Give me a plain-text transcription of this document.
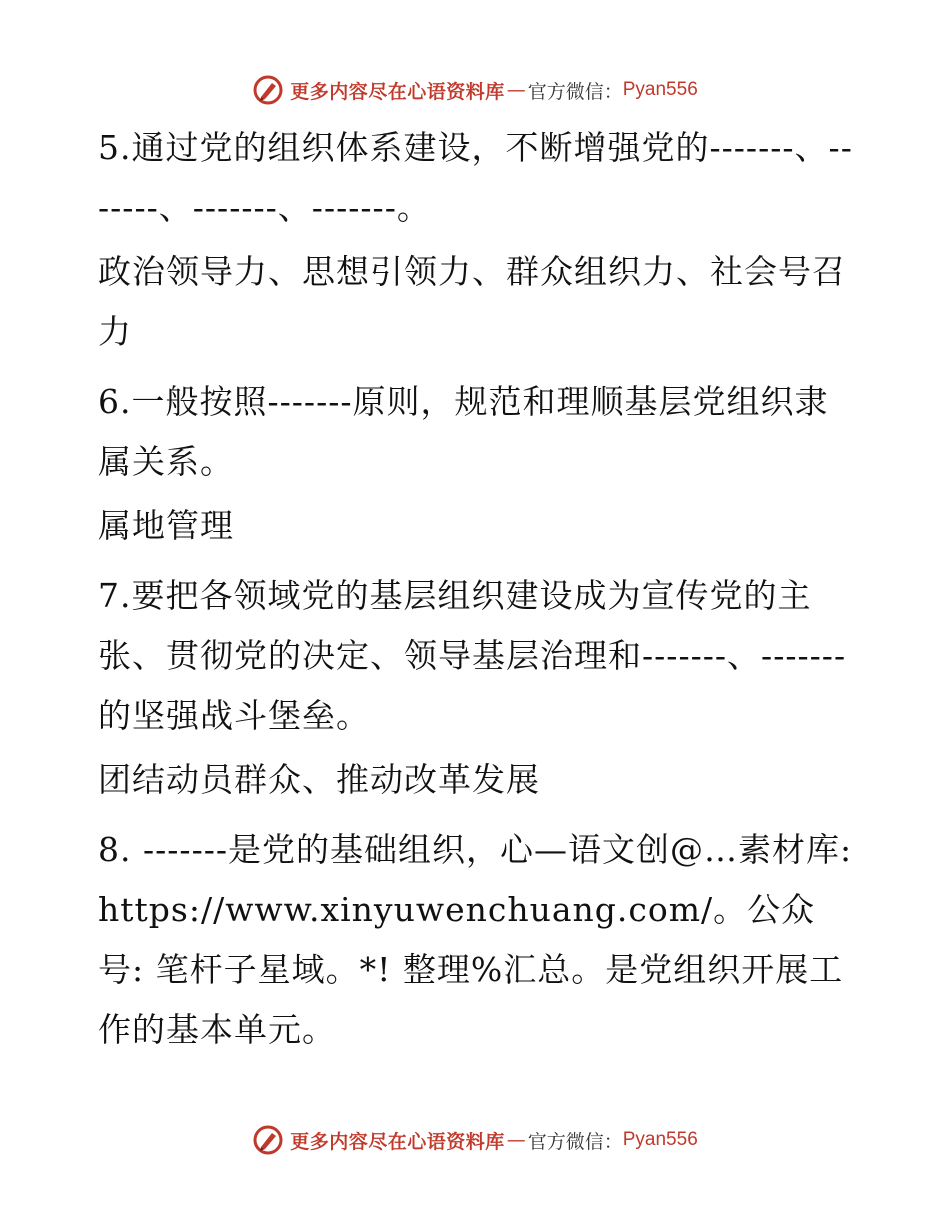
更多内容尽在心语资料库 — 官方微信： Pyan556

5.通过党的组织体系建设，不断增强党的-------、-------、-------、-------。

政治领导力、思想引领力、群众组织力、社会号召力

6.一般按照-------原则，规范和理顺基层党组织隶属关系。

属地管理

7.要把各领域党的基层组织建设成为宣传党的主张、贯彻党的决定、领导基层治理和-------、-------的坚强战斗堡垒。

团结动员群众、推动改革发展

8. -------是党的基础组织，心—语文创@…素材库: https://www.xinyuwenchuang.com/。公众号: 笔杆子星域。*! 整理%汇总。是党组织开展工作的基本单元。

更多内容尽在心语资料库 — 官方微信： Pyan556
